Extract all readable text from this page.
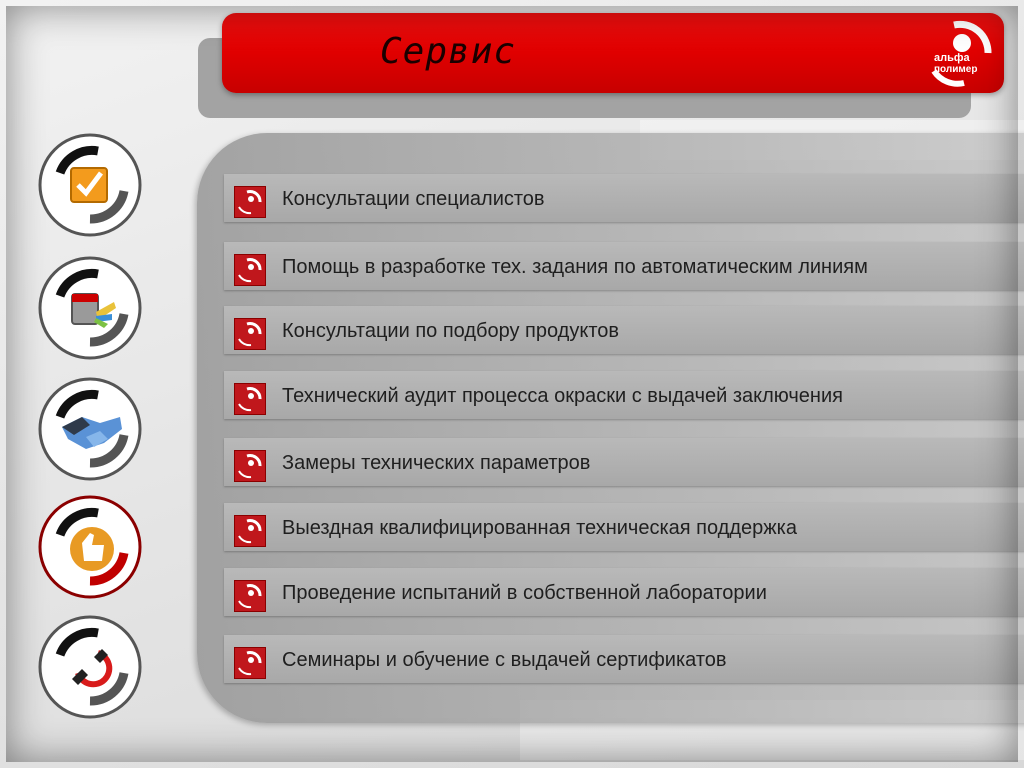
Сервис	альфа
полимер
Консультации специалистов
Помощь в разработке тех. задания по автоматическим линиям
Консультации по подбору продуктов
Технический аудит процесса окраски с выдачей заключения
Замеры технических параметров
Выездная квалифицированная техническая поддержка
Проведение испытаний в собственной лаборатории
Семинары и обучение с выдачей сертификатов
